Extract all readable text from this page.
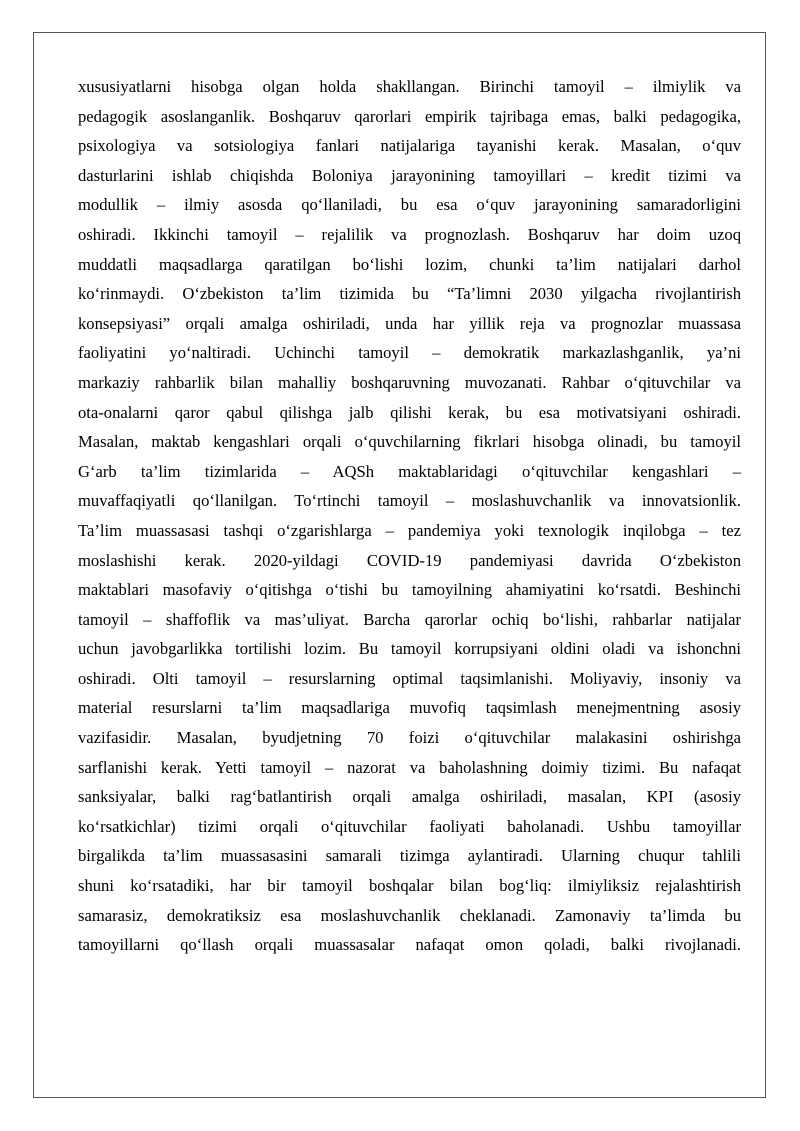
xususiyatlarni hisobga olgan holda shakllangan. Birinchi tamoyil – ilmiylik va
pedagogik asoslanganlik. Boshqaruv qarorlari empirik tajribaga emas, balki pedagogika,
psixologiya va sotsiologiya fanlari natijalariga tayanishi kerak. Masalan, o‘quv
dasturlarini ishlab chiqishda Boloniya jarayonining tamoyillari – kredit tizimi va
modullik – ilmiy asosda qo‘llaniladi, bu esa o‘quv jarayonining samaradorligini
oshiradi. Ikkinchi tamoyil – rejalilik va prognozlash. Boshqaruv har doim uzoq
muddatli maqsadlarga qaratilgan bo‘lishi lozim, chunki ta’lim natijalari darhol
ko‘rinmaydi. O‘zbekiston ta’lim tizimida bu “Ta’limni 2030 yilgacha rivojlantirish
konsepsiyasi” orqali amalga oshiriladi, unda har yillik reja va prognozlar muassasa
faoliyatini yo‘naltiradi. Uchinchi tamoyil – demokratik markazlashganlik, ya’ni
markaziy rahbarlik bilan mahalliy boshqaruvning muvozanati. Rahbar o‘qituvchilar va
ota-onalarni qaror qabul qilishga jalb qilishi kerak, bu esa motivatsiyani oshiradi.
Masalan, maktab kengashlari orqali o‘quvchilarning fikrlari hisobga olinadi, bu tamoyil
G‘arb ta’lim tizimlarida – AQSh maktablaridagi o‘qituvchilar kengashlari –
muvaffaqiyatli qo‘llanilgan. To‘rtinchi tamoyil – moslashuvchanlik va innovatsionlik.
Ta’lim muassasasi tashqi o‘zgarishlarga – pandemiya yoki texnologik inqilobga – tez
moslashishi kerak. 2020-yildagi COVID-19 pandemiyasi davrida O‘zbekiston
maktablari masofaviy o‘qitishga o‘tishi bu tamoyilning ahamiyatini ko‘rsatdi. Beshinchi
tamoyil – shaffoflik va mas’uliyat. Barcha qarorlar ochiq bo‘lishi, rahbarlar natijalar
uchun javobgarlikka tortilishi lozim. Bu tamoyil korrupsiyani oldini oladi va ishonchni
oshiradi. Olti tamoyil – resurslarning optimal taqsimlanishi. Moliyaviy, insoniy va
material resurslarni ta’lim maqsadlariga muvofiq taqsimlash menejmentning asosiy
vazifasidir. Masalan, byudjetning 70 foizi o‘qituvchilar malakasini oshirishga
sarflanishi kerak. Yetti tamoyil – nazorat va baholashning doimiy tizimi. Bu nafaqat
sanksiyalar, balki rag‘batlantirish orqali amalga oshiriladi, masalan, KPI (asosiy
ko‘rsatkichlar) tizimi orqali o‘qituvchilar faoliyati baholanadi. Ushbu tamoyillar
birgalikda ta’lim muassasasini samarali tizimga aylantiradi. Ularning chuqur tahlili
shuni ko‘rsatadiki, har bir tamoyil boshqalar bilan bog‘liq: ilmiyliksiz rejalashtirish
samarasiz, demokratiksiz esa moslashuvchanlik cheklanadi. Zamonaviy ta’limda bu
tamoyillarni qo‘llash orqali muassasalar nafaqat omon qoladi, balki rivojlanadi.
